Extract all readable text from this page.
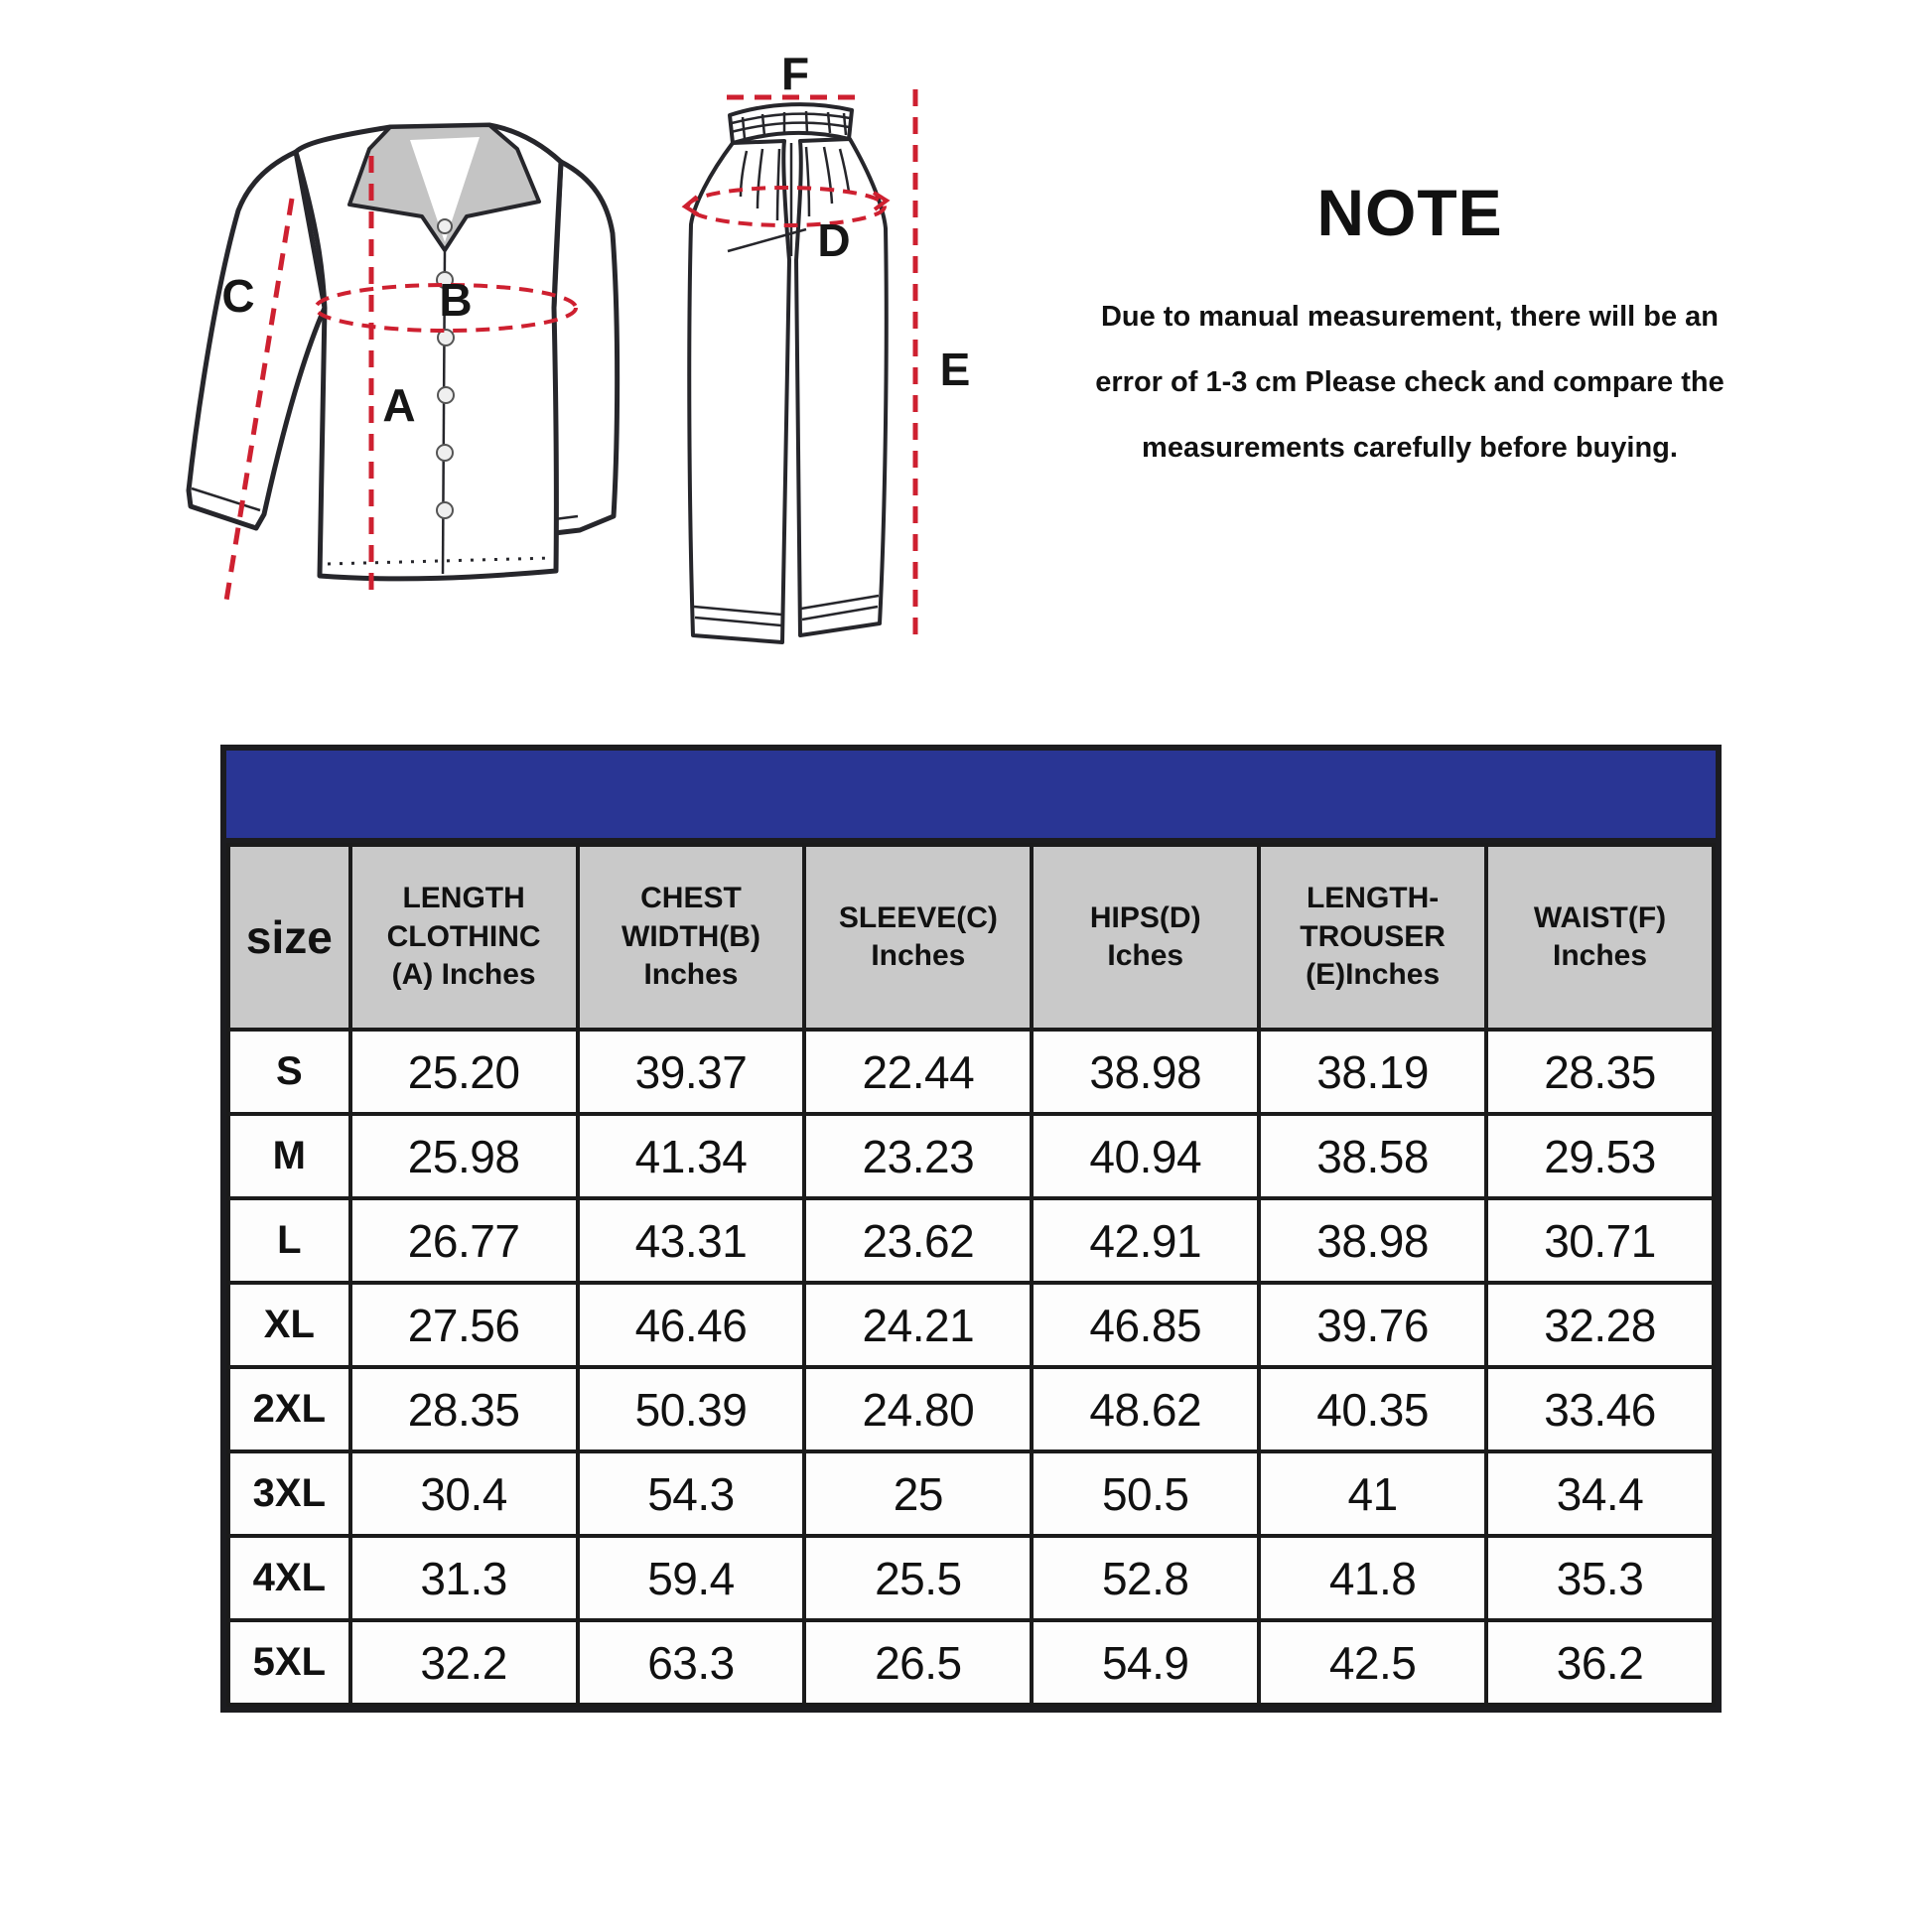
A
B
C
D
E
F
NOTE
Due to manual measurement, there will be an
error of 1-3 cm Please check and compare the
measurements carefully before buying.
size	LENGTH
CLOTHINC
(A) Inches	CHEST
WIDTH(B)
Inches	SLEEVE(C)
Inches	HIPS(D)
Iches	LENGTH-
TROUSER
(E)Inches	WAIST(F)
Inches
S	25.20	39.37	22.44	38.98	38.19	28.35
M	25.98	41.34	23.23	40.94	38.58	29.53
L	26.77	43.31	23.62	42.91	38.98	30.71
XL	27.56	46.46	24.21	46.85	39.76	32.28
2XL	28.35	50.39	24.80	48.62	40.35	33.46
3XL	30.4	54.3	25	50.5	41	34.4
4XL	31.3	59.4	25.5	52.8	41.8	35.3
5XL	32.2	63.3	26.5	54.9	42.5	36.2
